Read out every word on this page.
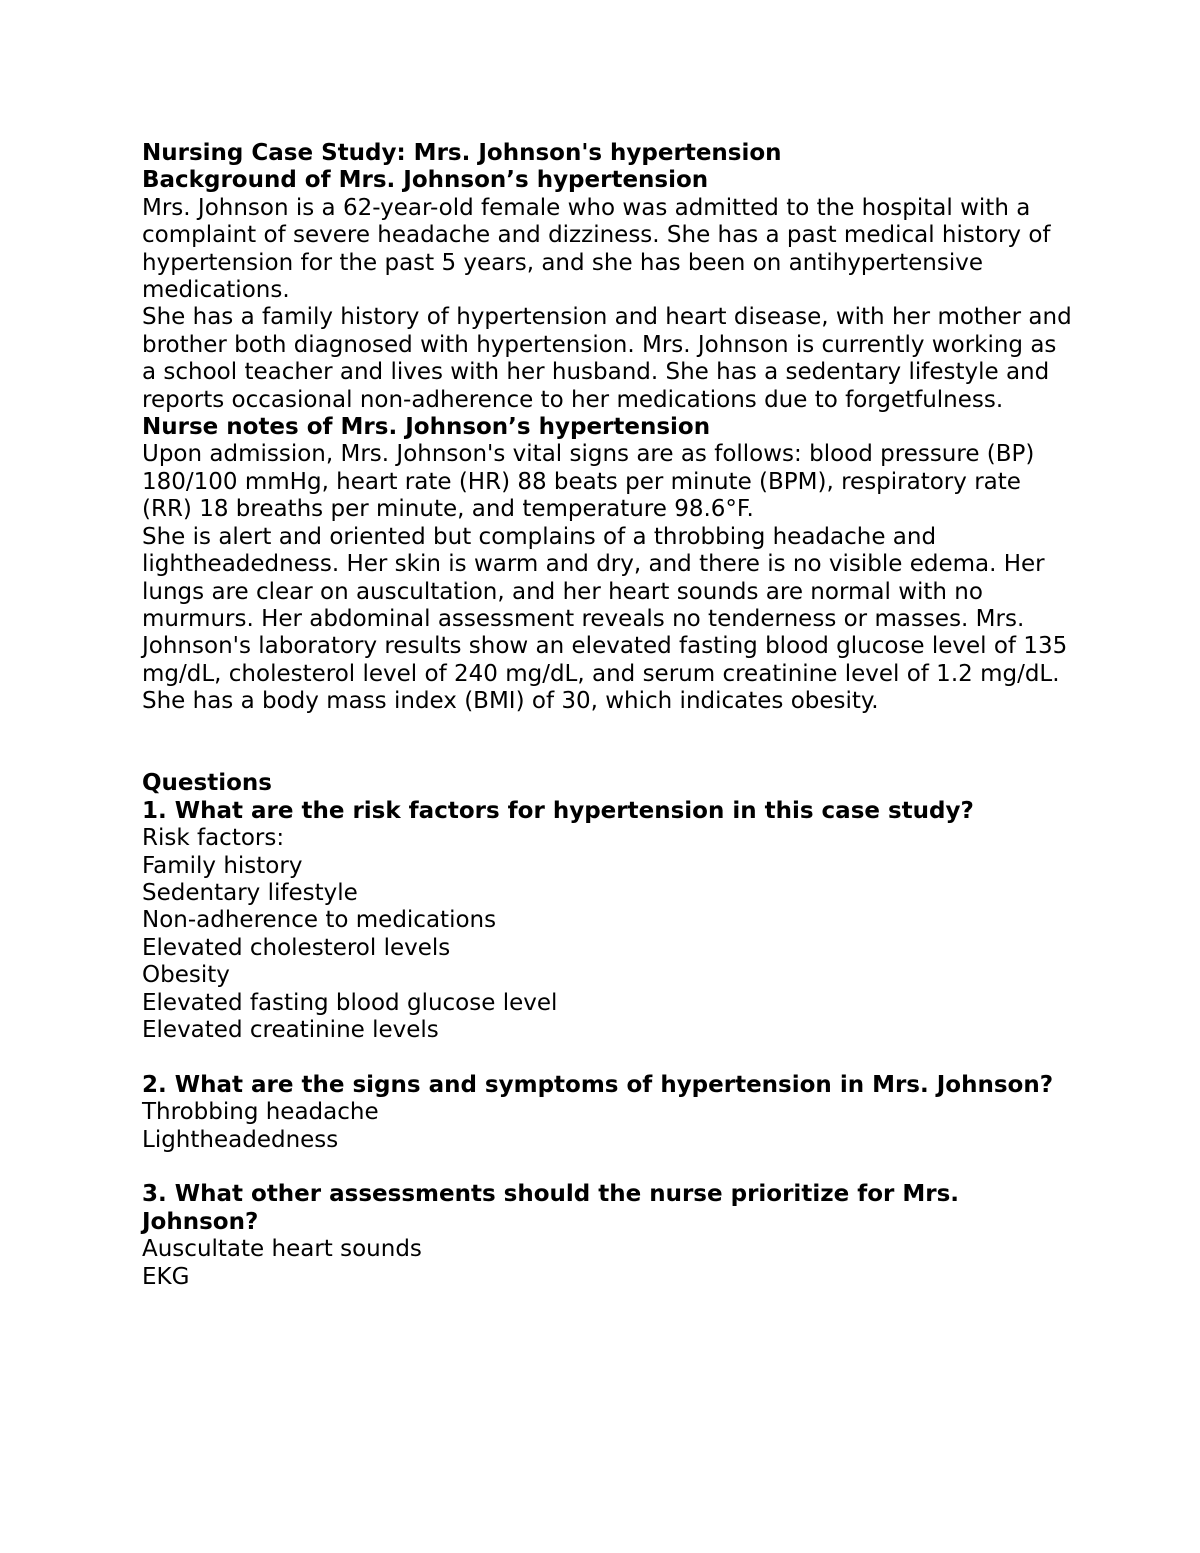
Nursing Case Study: Mrs. Johnson's hypertension

Background of Mrs. Johnson’s hypertension

Mrs. Johnson is a 62-year-old female who was admitted to the hospital with a complaint of severe headache and dizziness. She has a past medical history of hypertension for the past 5 years, and she has been on antihypertensive medications.

She has a family history of hypertension and heart disease, with her mother and brother both diagnosed with hypertension. Mrs. Johnson is currently working as a school teacher and lives with her husband. She has a sedentary lifestyle and reports occasional non-adherence to her medications due to forgetfulness.

Nurse notes of Mrs. Johnson’s hypertension

Upon admission, Mrs. Johnson's vital signs are as follows: blood pressure (BP) 180/100 mmHg, heart rate (HR) 88 beats per minute (BPM), respiratory rate (RR) 18 breaths per minute, and temperature 98.6°F.

She is alert and oriented but complains of a throbbing headache and lightheadedness. Her skin is warm and dry, and there is no visible edema. Her lungs are clear on auscultation, and her heart sounds are normal with no murmurs. Her abdominal assessment reveals no tenderness or masses. Mrs. Johnson's laboratory results show an elevated fasting blood glucose level of 135 mg/dL, cholesterol level of 240 mg/dL, and serum creatinine level of 1.2 mg/dL. She has a body mass index (BMI) of 30, which indicates obesity.

Questions

1. What are the risk factors for hypertension in this case study?

Risk factors:

Family history

Sedentary lifestyle

Non-adherence to medications

Elevated cholesterol levels

Obesity

Elevated fasting blood glucose level

Elevated creatinine levels

2. What are the signs and symptoms of hypertension in Mrs. Johnson?

Throbbing headache

Lightheadedness

3. What other assessments should the nurse prioritize for Mrs. Johnson?

Auscultate heart sounds

EKG
